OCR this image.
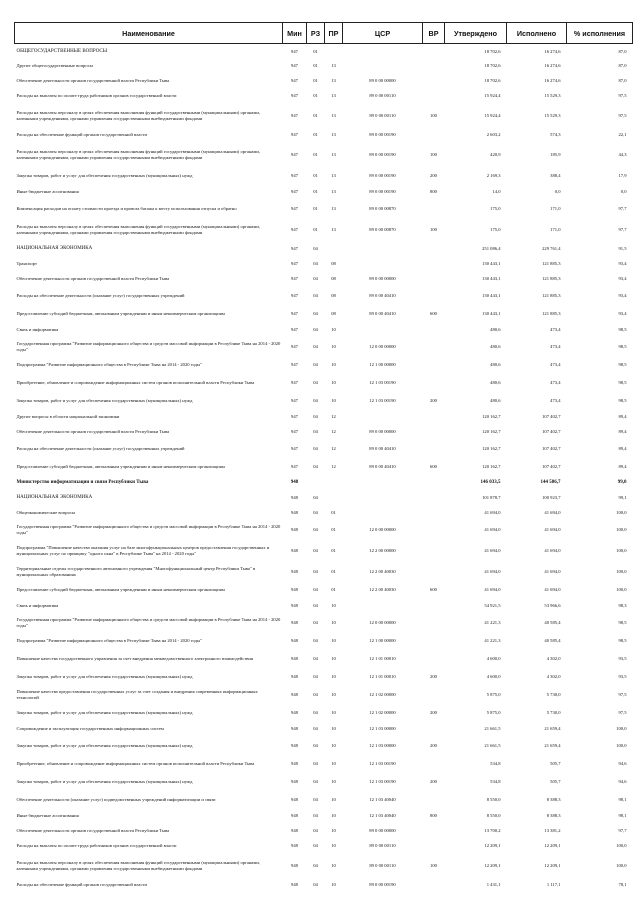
Наименование	Мин	РЗ	ПР	ЦСР	ВР	Утверждено	Исполнено	% исполнения
ОБЩЕГОСУДАРСТВЕННЫЕ ВОПРОСЫ	947	01				18 702,6	16 274,6	87,0
Другие общегосударственные вопросы	947	01	13			18 702,6	16 274,6	87,0
Обеспечение деятельности органов государственной власти Республики Тыва	947	01	13	89 0 00 00000		18 702,6	16 274,6	87,0
Расходы на выплаты по оплате труда работников органов государственной власти	947	01	13	89 0 00 00110		15 924,4	15 529,3	97,5
Расходы на выплаты персоналу в целях обеспечения выполнения функций государственными (муниципальными) органами, казенными учреждениями, органами управления государственными внебюджетными фондами	947	01	13	89 0 00 00110	100	15 924,4	15 529,3	97,5
Расходы на обеспечение функций органов государственной власти	947	01	13	89 0 00 00190		2 603,2	574,3	22,1
Расходы на выплаты персоналу в целях обеспечения выполнения функций государственными (муниципальными) органами, казенными учреждениями, органами управления государственными внебюджетными фондами	947	01	13	89 0 00 00190	100	420,9	185,9	44,3
Закупка товаров, работ и услуг для обеспечения государственных (муниципальных) нужд	947	01	13	89 0 00 00190	200	2 169,3	388,4	17,9
Иные бюджетные ассигнования	947	01	13	89 0 00 00190	800	14,0	0,0	0,0
Компенсация расходов на оплату стоимости проезда и провоза багажа к месту использования отпуска и обратно	947	01	13	89 0 00 00870		175,0	171,0	97,7
Расходы на выплаты персоналу в целях обеспечения выполнения функций государственными (муниципальными) органами, казенными учреждениями, органами управления государственными внебюджетными фондами	947	01	13	89 0 00 00870	100	175,0	171,0	97,7
НАЦИОНАЛЬНАЯ ЭКОНОМИКА	947	04				251 086,4	229 761,4	91,5
Транспорт	947	04	08			130 443,1	121 885,3	93,4
Обеспечение деятельности органов государственной власти Республики Тыва	947	04	08	89 0 00 00000		130 443,1	121 885,3	93,4
Расходы на обеспечение деятельности (оказание услуг) государственных учреждений	947	04	08	89 0 00 40410		130 443,1	121 885,3	93,4
Предоставление субсидий бюджетным, автономным учреждениям и иным некоммерческим организациям	947	04	08	89 0 00 40410	600	130 443,1	121 885,3	93,4
Связь и информатика	947	04	10			480,6	473,4	98,5
Государственная программа "Развитие информационного общества и средств массовой информации в Республике Тыва на 2014 - 2020 годы"	947	04	10	12 0 00 00000		480,6	473,4	98,5
Подпрограмма "Развитие информационного общества в Республике Тыва на 2014 - 2020 годы"	947	04	10	12 1 00 00000		480,6	473,4	98,5
Приобретение, обновление и сопровождение информационных систем органов исполнительной власти Республики Тыва	947	04	10	12 1 03 00190		480,6	473,4	98,5
Закупка товаров, работ и услуг для обеспечения государственных (муниципальных) нужд	947	04	10	12 1 03 00190	200	480,6	473,4	98,5
Другие вопросы в области национальной экономики	947	04	12			120 162,7	107 402,7	89,4
Обеспечение деятельности органов государственной власти Республики Тыва	947	04	12	89 0 00 00000		120 162,7	107 402,7	89,4
Расходы на обеспечение деятельности (оказание услуг) государственных учреждений	947	04	12	89 0 00 40410		120 162,7	107 402,7	89,4
Предоставление субсидий бюджетным, автономным учреждениям и иным некоммерческим организациям	947	04	12	89 0 00 40410	600	120 162,7	107 402,7	89,4
Министерство информатизации и связи Республики Тыва	948					146 033,5	144 586,7	99,0
НАЦИОНАЛЬНАЯ ЭКОНОМИКА	948	04				101 878,7	100 923,7	99,1
Общеэкономические вопросы	948	04	01			41 694,0	41 694,0	100,0
Государственная программа "Развитие информационного общества и средств массовой информации в Республике Тыва на 2014 - 2020 годы"	948	04	01	12 0 00 00000		41 694,0	41 694,0	100,0
Подпрограмма "Повышение качества оказания услуг на базе многофункциональных центров предоставления государственных и муниципальных услуг по принципу "одного окна" в Республике Тыва" на 2014 - 2020 годы"	948	04	01	12 2 00 00000		41 694,0	41 694,0	100,0
Территориальные отделы государственного автономного учреждения "Многофункциональный центр Республики Тыва" в муниципальных образованиях	948	04	01	12 2 00 40030		41 694,0	41 694,0	100,0
Предоставление субсидий бюджетным, автономным учреждениям и иным некоммерческим организациям	948	04	01	12 2 00 40030	600	41 694,0	41 694,0	100,0
Связь и информатика	948	04	10			54 921,5	53 966,6	98,3
Государственная программа "Развитие информационного общества и средств массовой информации в Республике Тыва на 2014 - 2020 годы"	948	04	10	12 0 00 00000		41 221,3	40 585,4	98,5
Подпрограмма "Развитие информационного общества в Республике Тыва на 2014 - 2020 годы"	948	04	10	12 1 00 00000		41 221,3	40 585,4	98,5
Повышение качества государственного управления за счет внедрения межведомственного электронного взаимодействия	948	04	10	12 1 01 00010		4 600,0	4 302,0	93,5
Закупка товаров, работ и услуг для обеспечения государственных (муниципальных) нужд	948	04	10	12 1 01 00010	200	4 600,0	4 302,0	93,5
Повышение качества предоставления государственных услуг за счет создания и внедрения современных информационных технологий	948	04	10	12 1 02 00000		5 875,0	5 730,0	97,5
Закупка товаров, работ и услуг для обеспечения государственных (муниципальных) нужд	948	04	10	12 1 02 00000	200	5 875,0	5 730,0	97,5
Сопровождение и эксплуатация государственных информационных систем	948	04	10	12 1 03 00000		21 661,5	21 659,4	100,0
Закупка товаров, работ и услуг для обеспечения государственных (муниципальных) нужд	948	04	10	12 1 03 00000	200	21 661,5	21 659,4	100,0
Приобретение, обновление и сопровождение информационных систем органов исполнительной власти Республики Тыва	948	04	10	12 1 03 00190		534,8	505,7	94,6
Закупка товаров, работ и услуг для обеспечения государственных (муниципальных) нужд	948	04	10	12 1 03 00190	200	534,8	505,7	94,6
Обеспечение деятельности (оказание услуг) подведомственных учреждений информатизации и связи	948	04	10	12 1 03 40040		8 550,0	8 388,3	98,1
Иные бюджетные ассигнования	948	04	10	12 1 03 40040	800	8 550,0	8 388,3	98,1
Обеспечение деятельности органов государственной власти Республики Тыва	948	04	10	89 0 00 00000		13 700,2	13 381,2	97,7
Расходы на выплаты по оплате труда работников органов государственной власти	948	04	10	89 0 00 00110		12 209,1	12 209,1	100,0
Расходы на выплаты персоналу в целях обеспечения выполнения функций государственными (муниципальными) органами, казенными учреждениями, органами управления государственными внебюджетными фондами	948	04	10	89 0 00 00110	100	12 209,1	12 209,1	100,0
Расходы на обеспечение функций органов государственной власти	948	04	10	89 0 00 00190		1 431,1	1 117,1	78,1
